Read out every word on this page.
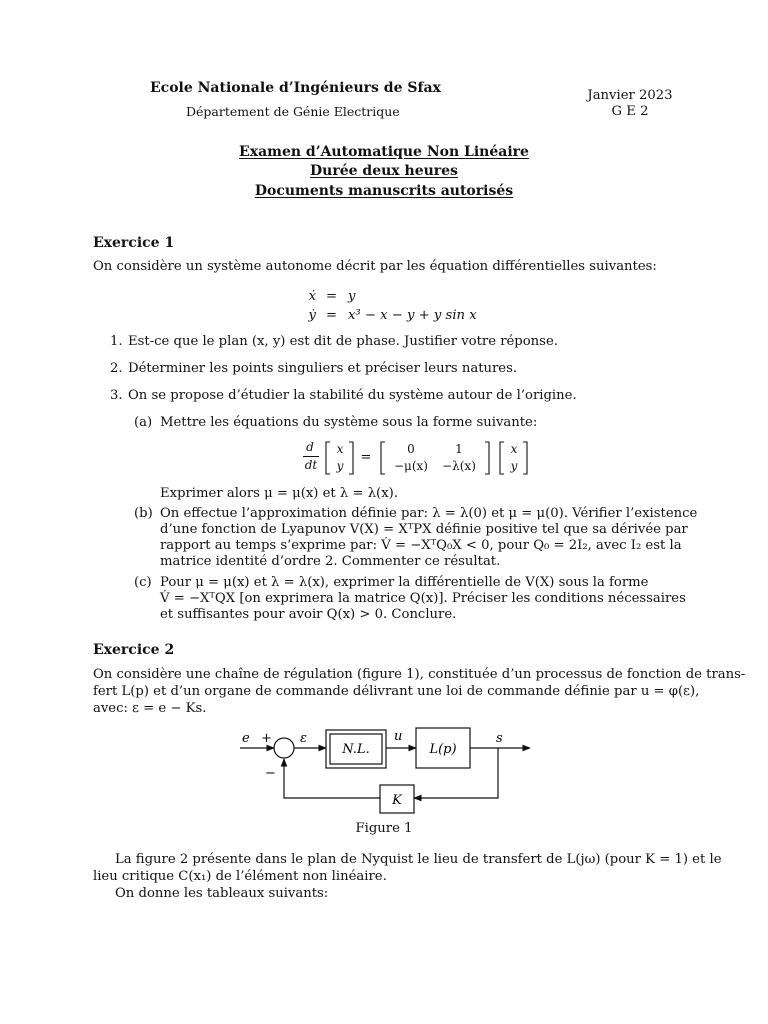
Ecole Nationale d’Ingénieurs de Sfax
Département de Génie Electrique
Janvier 2023
G E 2
Examen d’Automatique Non Linéaire
Durée deux heures
Documents manuscrits autorisés
Exercice 1
On considère un système autonome décrit par les équation différentielles suivantes:
ẋ = y
ẏ = x³ − x − y + y sin x
1. Est-ce que le plan (x, y) est dit de phase. Justifier votre réponse.
2. Déterminer les points singuliers et préciser leurs natures.
3. On se propose d’étudier la stabilité du système autour de l’origine.
(a) Mettre les équations du système sous la forme suivante:
d
dt
x
y
=
0	1
−μ(x)	−λ(x)
x
y
Exprimer alors μ = μ(x) et λ = λ(x).
(b) On effectue l’approximation définie par: λ = λ(0) et μ = μ(0). Vérifier l’existence
d’une fonction de Lyapunov V(X) = XᵀPX définie positive tel que sa dérivée par
rapport au temps s’exprime par: V̇ = −XᵀQ₀X < 0, pour Q₀ = 2I₂, avec I₂ est la
matrice identité d’ordre 2. Commenter ce résultat.
(c) Pour μ = μ(x) et λ = λ(x), exprimer la différentielle de V(X) sous la forme
V̇ = −XᵀQX [on exprimera la matrice Q(x)]. Préciser les conditions nécessaires
et suffisantes pour avoir Q(x) > 0. Conclure.
Exercice 2
On considère une chaîne de régulation (figure 1), constituée d’un processus de fonction de trans-
fert L(p) et d’un organe de commande délivrant une loi de commande définie par u = φ(ε),
avec: ε = e − Ks.
e +
−
ε
N.L.
u
L(p)
s
K
Figure 1
La figure 2 présente dans le plan de Nyquist le lieu de transfert de L(jω) (pour K = 1) et le
lieu critique C(x₁) de l’élément non linéaire.
On donne les tableaux suivants:
